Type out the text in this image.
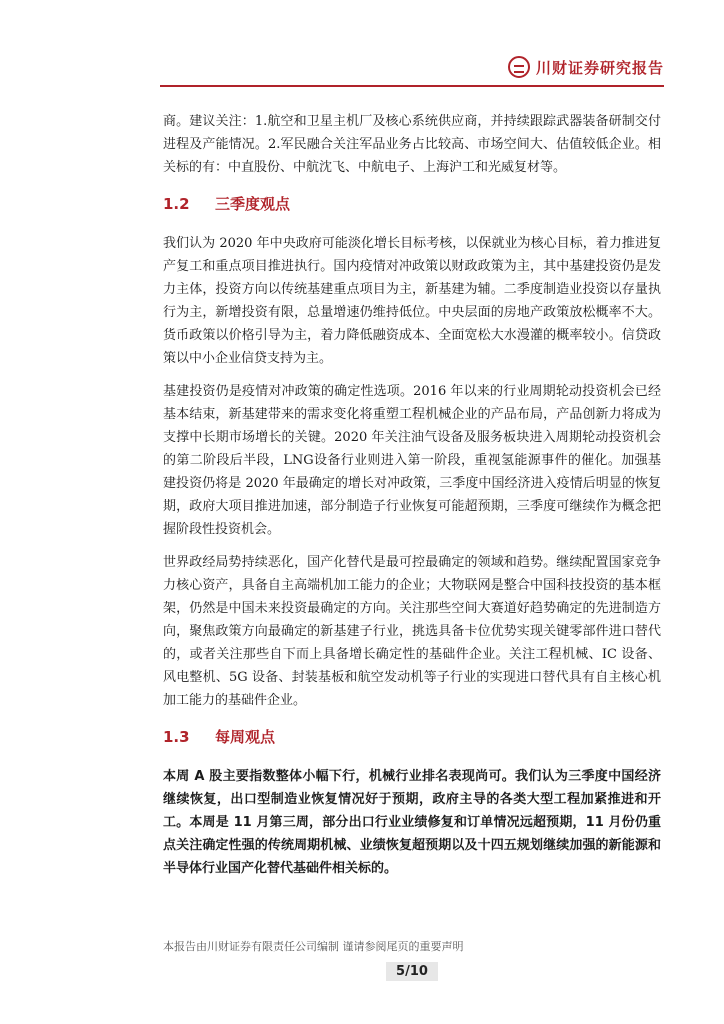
川财证券研究报告

商。建议关注：1.航空和卫星主机厂及核心系统供应商，并持续跟踪武器装备研制交付进程及产能情况。2.军民融合关注军品业务占比较高、市场空间大、估值较低企业。相关标的有：中直股份、中航沈飞、中航电子、上海沪工和光威复材等。

1.2	三季度观点

我们认为 2020 年中央政府可能淡化增长目标考核，以保就业为核心目标，着力推进复产复工和重点项目推进执行。国内疫情对冲政策以财政政策为主，其中基建投资仍是发力主体，投资方向以传统基建重点项目为主，新基建为辅。二季度制造业投资以存量执行为主，新增投资有限，总量增速仍维持低位。中央层面的房地产政策放松概率不大。货币政策以价格引导为主，着力降低融资成本、全面宽松大水漫灌的概率较小。信贷政策以中小企业信贷支持为主。

基建投资仍是疫情对冲政策的确定性选项。2016 年以来的行业周期轮动投资机会已经基本结束，新基建带来的需求变化将重塑工程机械企业的产品布局，产品创新力将成为支撑中长期市场增长的关键。2020 年关注油气设备及服务板块进入周期轮动投资机会的第二阶段后半段，LNG设备行业则进入第一阶段，重视氢能源事件的催化。加强基建投资仍将是 2020 年最确定的增长对冲政策，三季度中国经济进入疫情后明显的恢复期，政府大项目推进加速，部分制造子行业恢复可能超预期，三季度可继续作为概念把握阶段性投资机会。

世界政经局势持续恶化，国产化替代是最可控最确定的领域和趋势。继续配置国家竞争力核心资产，具备自主高端机加工能力的企业；大物联网是整合中国科技投资的基本框架，仍然是中国未来投资最确定的方向。关注那些空间大赛道好趋势确定的先进制造方向，聚焦政策方向最确定的新基建子行业，挑选具备卡位优势实现关键零部件进口替代的，或者关注那些自下而上具备增长确定性的基础件企业。关注工程机械、IC 设备、风电整机、5G 设备、封装基板和航空发动机等子行业的实现进口替代具有自主核心机加工能力的基础件企业。

1.3	每周观点

本周 A 股主要指数整体小幅下行，机械行业排名表现尚可。我们认为三季度中国经济继续恢复，出口型制造业恢复情况好于预期，政府主导的各类大型工程加紧推进和开工。本周是 11 月第三周，部分出口行业业绩修复和订单情况远超预期，11 月份仍重点关注确定性强的传统周期机械、业绩恢复超预期以及十四五规划继续加强的新能源和半导体行业国产化替代基础件相关标的。

本报告由川财证券有限责任公司编制 谨请参阅尾页的重要声明
5/10
